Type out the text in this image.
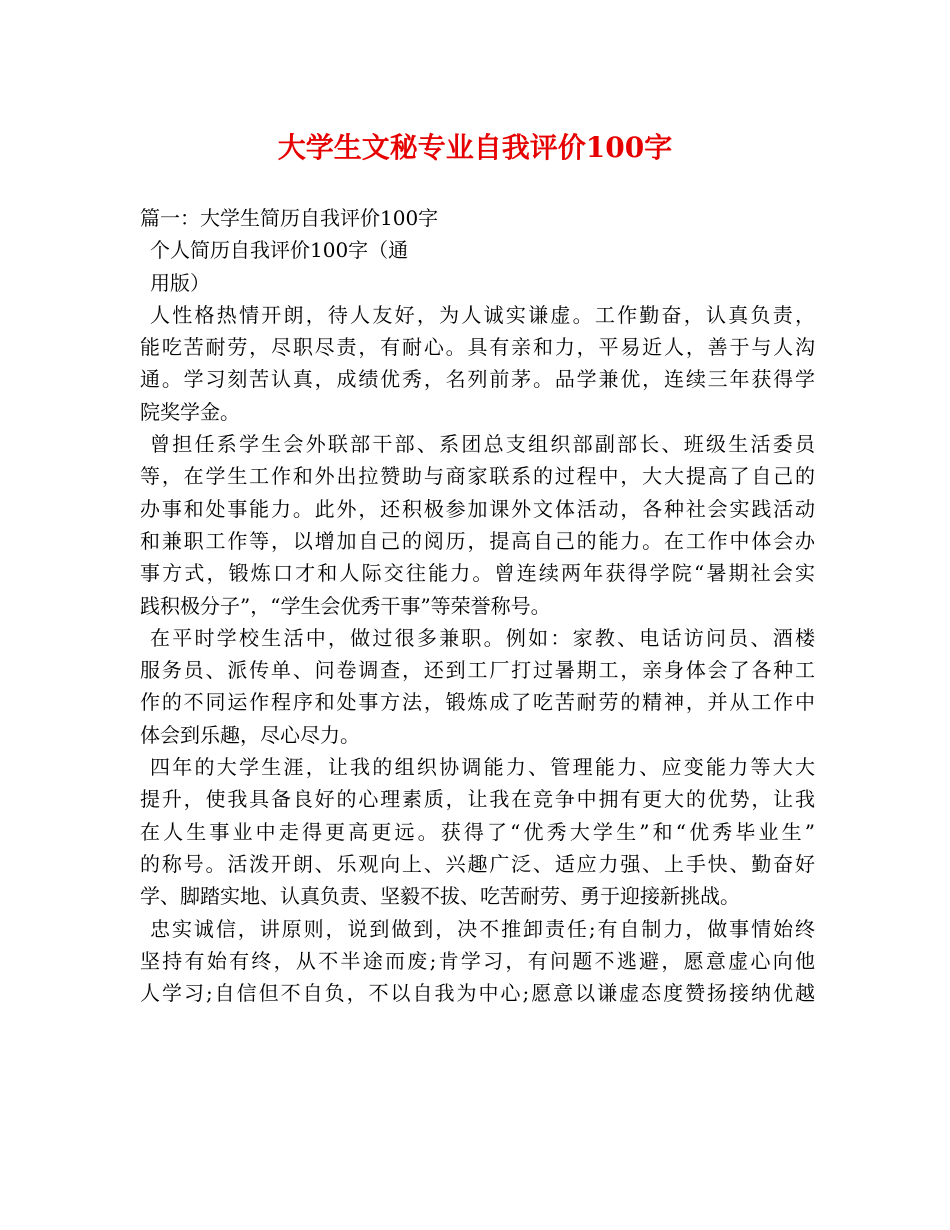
大学生文秘专业自我评价100字
篇一：大学生简历自我评价100字
个人简历自我评价100字（通
用版）
人性格热情开朗，待人友好，为人诚实谦虚。工作勤奋，认真负责，
能吃苦耐劳，尽职尽责，有耐心。具有亲和力，平易近人，善于与人沟
通。学习刻苦认真，成绩优秀，名列前茅。品学兼优，连续三年获得学
院奖学金。
曾担任系学生会外联部干部、系团总支组织部副部长、班级生活委员
等，在学生工作和外出拉赞助与商家联系的过程中，大大提高了自己的
办事和处事能力。此外，还积极参加课外文体活动，各种社会实践活动
和兼职工作等，以增加自己的阅历，提高自己的能力。在工作中体会办
事方式，锻炼口才和人际交往能力。曾连续两年获得学院“暑期社会实
践积极分子”，“学生会优秀干事”等荣誉称号。
在平时学校生活中，做过很多兼职。例如：家教、电话访问员、酒楼
服务员、派传单、问卷调查，还到工厂打过暑期工，亲身体会了各种工
作的不同运作程序和处事方法，锻炼成了吃苦耐劳的精神，并从工作中
体会到乐趣，尽心尽力。
四年的大学生涯，让我的组织协调能力、管理能力、应变能力等大大
提升，使我具备良好的心理素质，让我在竞争中拥有更大的优势，让我
在人生事业中走得更高更远。获得了“优秀大学生”和“优秀毕业生”
的称号。活泼开朗、乐观向上、兴趣广泛、适应力强、上手快、勤奋好
学、脚踏实地、认真负责、坚毅不拔、吃苦耐劳、勇于迎接新挑战。
忠实诚信，讲原则，说到做到，决不推卸责任;有自制力，做事情始终
坚持有始有终，从不半途而废;肯学习，有问题不逃避，愿意虚心向他
人学习;自信但不自负，不以自我为中心;愿意以谦虚态度赞扬接纳优越
